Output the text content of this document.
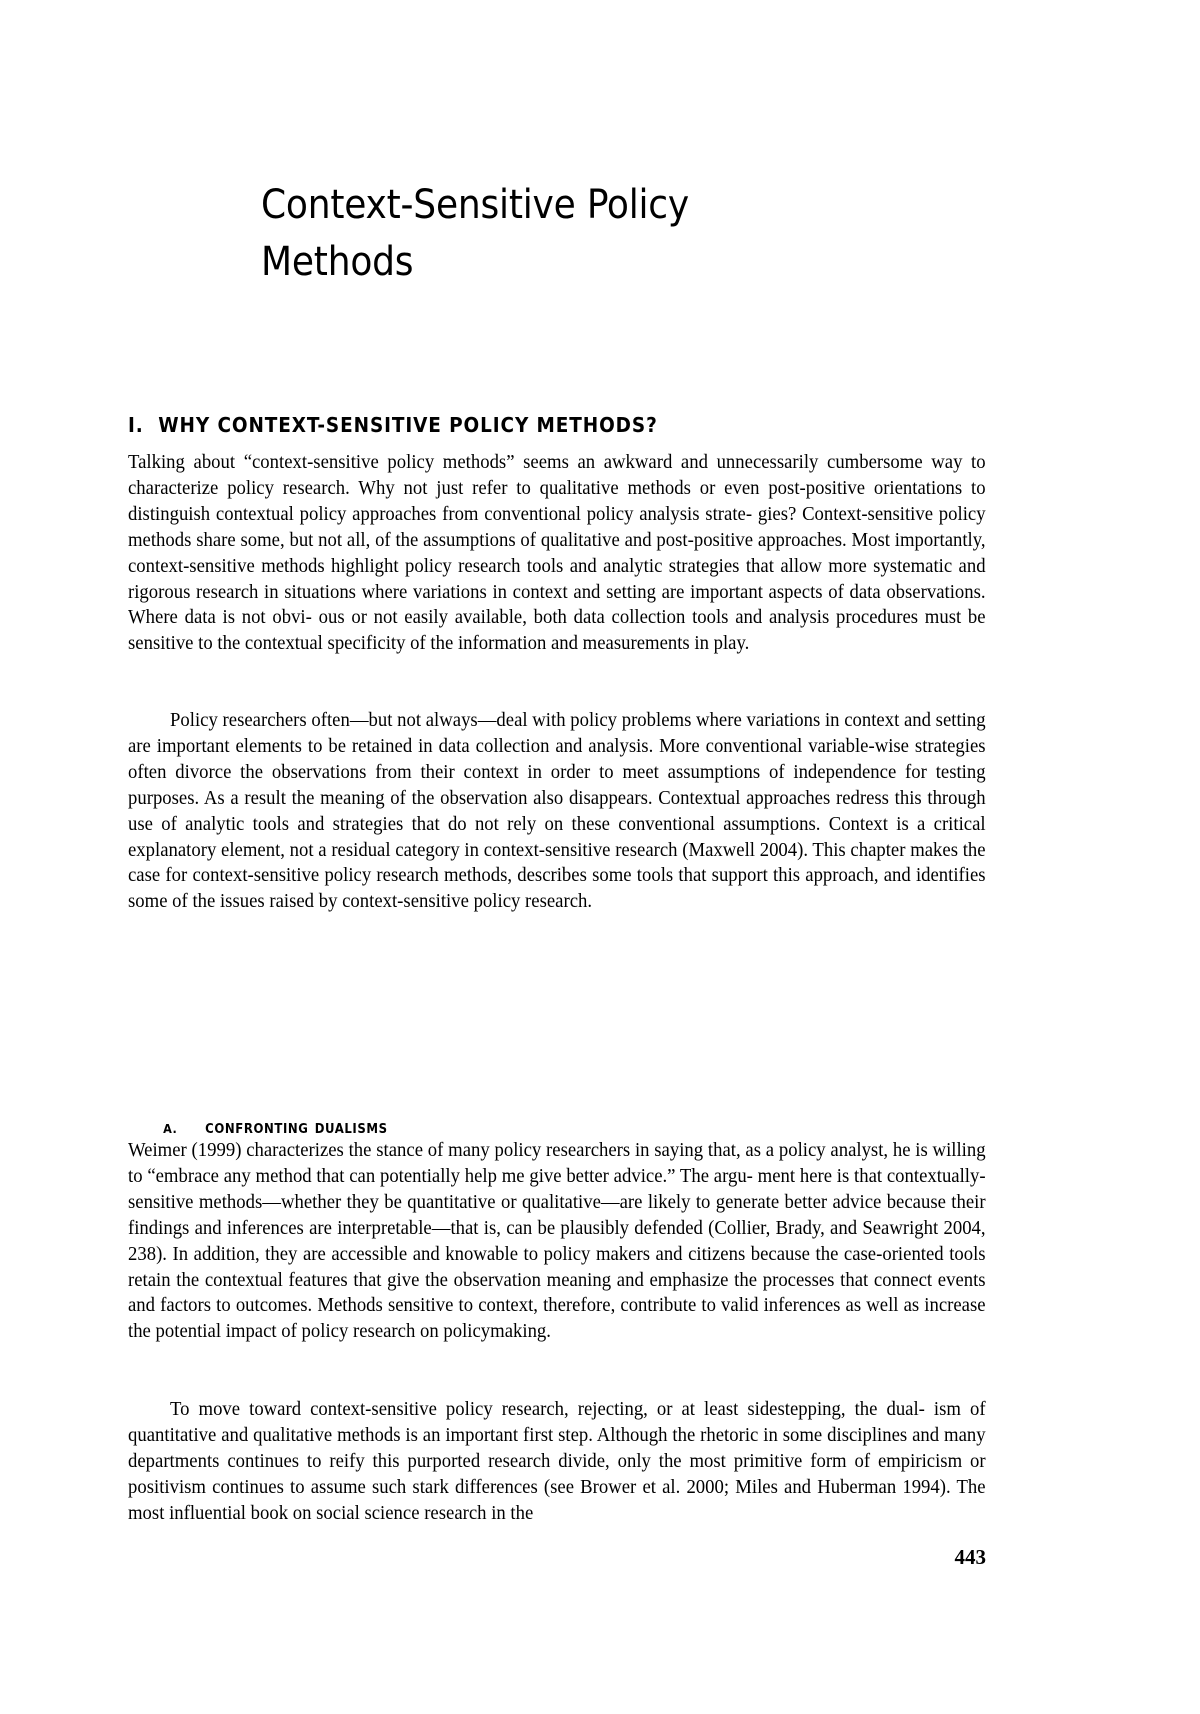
Context-Sensitive Policy
Methods
I.  WHY CONTEXT-SENSITIVE POLICY METHODS?

Talking about “context-sensitive policy methods” seems an awkward and unnecessarily cumbersome way to characterize policy research. Why not just refer to qualitative methods or even post-positive orientations to distinguish contextual policy approaches from conventional policy analysis strate- gies? Context-sensitive policy methods share some, but not all, of the assumptions of qualitative and post-positive approaches. Most importantly, context-sensitive methods highlight policy research tools and analytic strategies that allow more systematic and rigorous research in situations where variations in context and setting are important aspects of data observations. Where data is not obvi- ous or not easily available, both data collection tools and analysis procedures must be sensitive to the contextual specificity of the information and measurements in play.

Policy researchers often—but not always—deal with policy problems where variations in context and setting are important elements to be retained in data collection and analysis. More conventional variable-wise strategies often divorce the observations from their context in order to meet assumptions of independence for testing purposes. As a result the meaning of the observation also disappears. Contextual approaches redress this through use of analytic tools and strategies that do not rely on these conventional assumptions. Context is a critical explanatory element, not a residual category in context-sensitive research (Maxwell 2004). This chapter makes the case for context-sensitive policy research methods, describes some tools that support this approach, and identifies some of the issues raised by context-sensitive policy research.

A. confronting dualisms

Weimer (1999) characterizes the stance of many policy researchers in saying that, as a policy analyst, he is willing to “embrace any method that can potentially help me give better advice.” The argu- ment here is that contextually-sensitive methods—whether they be quantitative or qualitative—are likely to generate better advice because their findings and inferences are interpretable—that is, can be plausibly defended (Collier, Brady, and Seawright 2004, 238). In addition, they are accessible and knowable to policy makers and citizens because the case-oriented tools retain the contextual features that give the observation meaning and emphasize the processes that connect events and factors to outcomes. Methods sensitive to context, therefore, contribute to valid inferences as well as increase the potential impact of policy research on policymaking.

To move toward context-sensitive policy research, rejecting, or at least sidestepping, the dual- ism of quantitative and qualitative methods is an important first step. Although the rhetoric in some disciplines and many departments continues to reify this purported research divide, only the most primitive form of empiricism or positivism continues to assume such stark differences (see Brower et al. 2000; Miles and Huberman 1994). The most influential book on social science research in the

443
